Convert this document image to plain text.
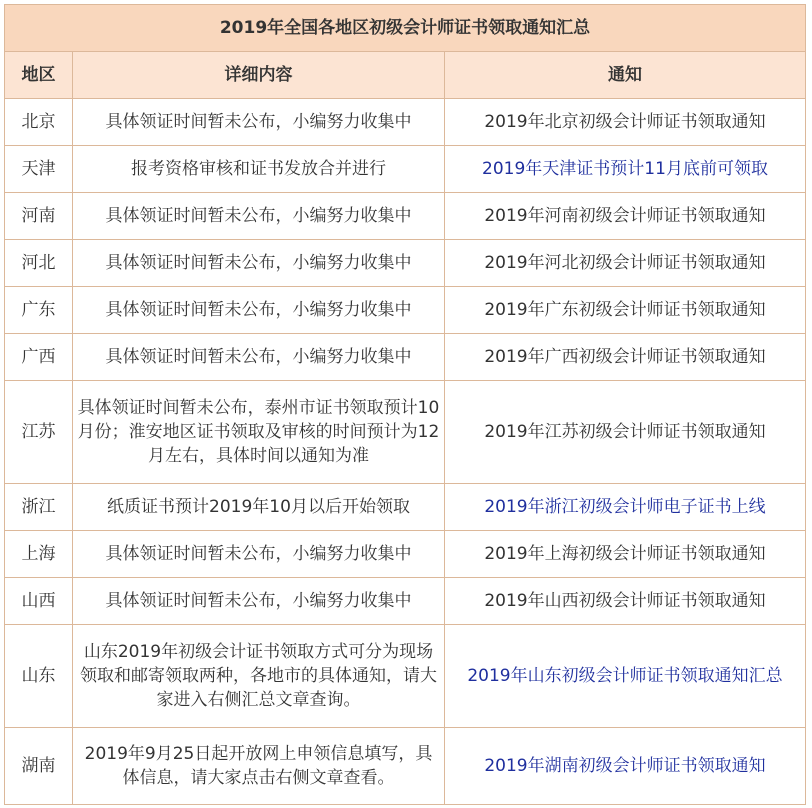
2019年全国各地区初级会计师证书领取通知汇总		
地区	详细内容	通知
北京	具体领证时间暂未公布，小编努力收集中	2019年北京初级会计师证书领取通知
天津	报考资格审核和证书发放合并进行	2019年天津证书预计11月底前可领取
河南	具体领证时间暂未公布，小编努力收集中	2019年河南初级会计师证书领取通知
河北	具体领证时间暂未公布，小编努力收集中	2019年河北初级会计师证书领取通知
广东	具体领证时间暂未公布，小编努力收集中	2019年广东初级会计师证书领取通知
广西	具体领证时间暂未公布，小编努力收集中	2019年广西初级会计师证书领取通知
江苏	具体领证时间暂未公布，泰州市证书领取预计10月份；淮安地区证书领取及审核的时间预计为12月左右，具体时间以通知为准	2019年江苏初级会计师证书领取通知
浙江	纸质证书预计2019年10月以后开始领取	2019年浙江初级会计师电子证书上线
上海	具体领证时间暂未公布，小编努力收集中	2019年上海初级会计师证书领取通知
山西	具体领证时间暂未公布，小编努力收集中	2019年山西初级会计师证书领取通知
山东	山东2019年初级会计证书领取方式可分为现场领取和邮寄领取两种，各地市的具体通知，请大家进入右侧汇总文章查询。	2019年山东初级会计师证书领取通知汇总
湖南	2019年9月25日起开放网上申领信息填写，具体信息，请大家点击右侧文章查看。	2019年湖南初级会计师证书领取通知
